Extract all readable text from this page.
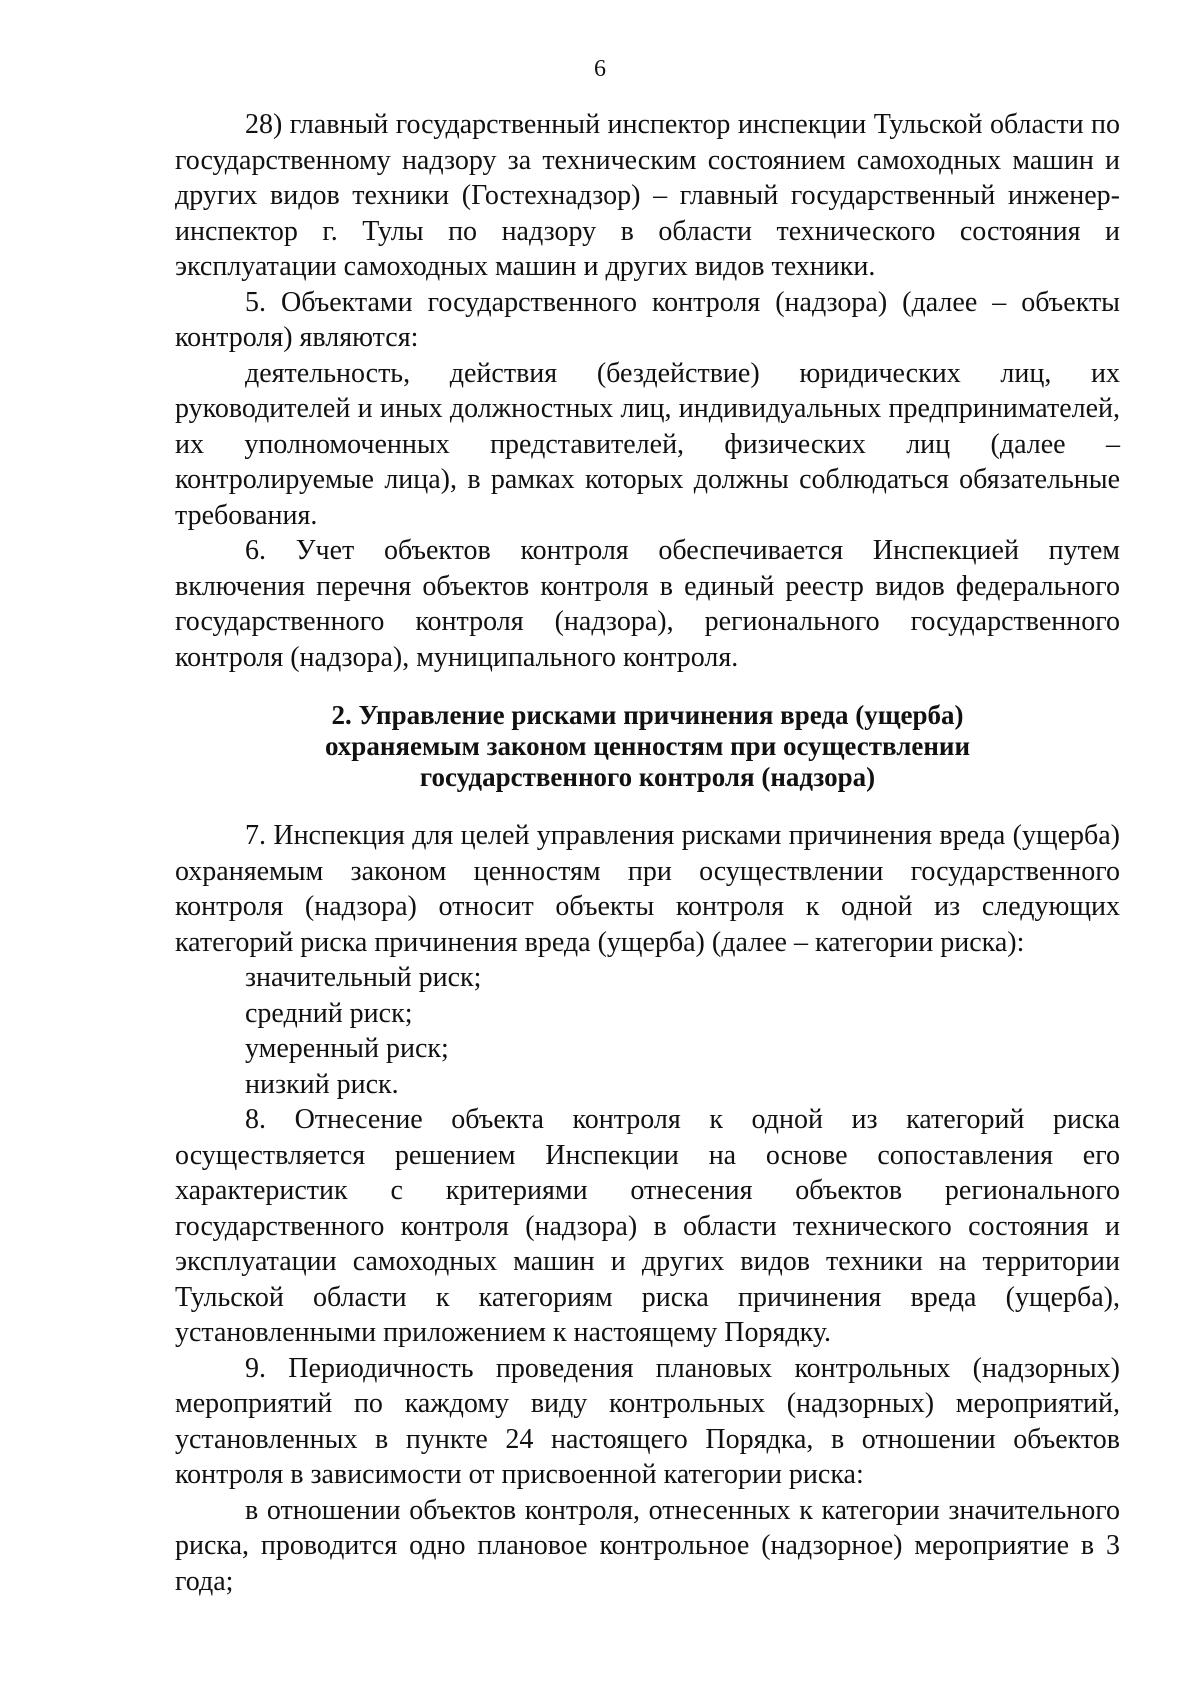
6

28) главный государственный инспектор инспекции Тульской области по государственному надзору за техническим состоянием самоходных машин и других видов техники (Гостехнадзор) – главный государственный инженер-инспектор г. Тулы по надзору в области технического состояния и эксплуатации самоходных машин и других видов техники.

5. Объектами государственного контроля (надзора) (далее – объекты контроля) являются:

деятельность, действия (бездействие) юридических лиц, их руководителей и иных должностных лиц, индивидуальных предпринимателей, их уполномоченных представителей, физических лиц (далее – контролируемые лица), в рамках которых должны соблюдаться обязательные требования.

6. Учет объектов контроля обеспечивается Инспекцией путем включения перечня объектов контроля в единый реестр видов федерального государственного контроля (надзора), регионального государственного контроля (надзора), муниципального контроля.

2. Управление рисками причинения вреда (ущерба)
охраняемым законом ценностям при осуществлении
государственного контроля (надзора)

7. Инспекция для целей управления рисками причинения вреда (ущерба) охраняемым законом ценностям при осуществлении государственного контроля (надзора) относит объекты контроля к одной из следующих категорий риска причинения вреда (ущерба) (далее – категории риска):

значительный риск;

средний риск;

умеренный риск;

низкий риск.

8. Отнесение объекта контроля к одной из категорий риска осуществляется решением Инспекции на основе сопоставления его характеристик с критериями отнесения объектов регионального государственного контроля (надзора) в области технического состояния и эксплуатации самоходных машин и других видов техники на территории Тульской области к категориям риска причинения вреда (ущерба), установленными приложением к настоящему Порядку.

9. Периодичность проведения плановых контрольных (надзорных) мероприятий по каждому виду контрольных (надзорных) мероприятий, установленных в пункте 24 настоящего Порядка, в отношении объектов контроля в зависимости от присвоенной категории риска:

в отношении объектов контроля, отнесенных к категории значительного риска, проводится одно плановое контрольное (надзорное) мероприятие в 3 года;
